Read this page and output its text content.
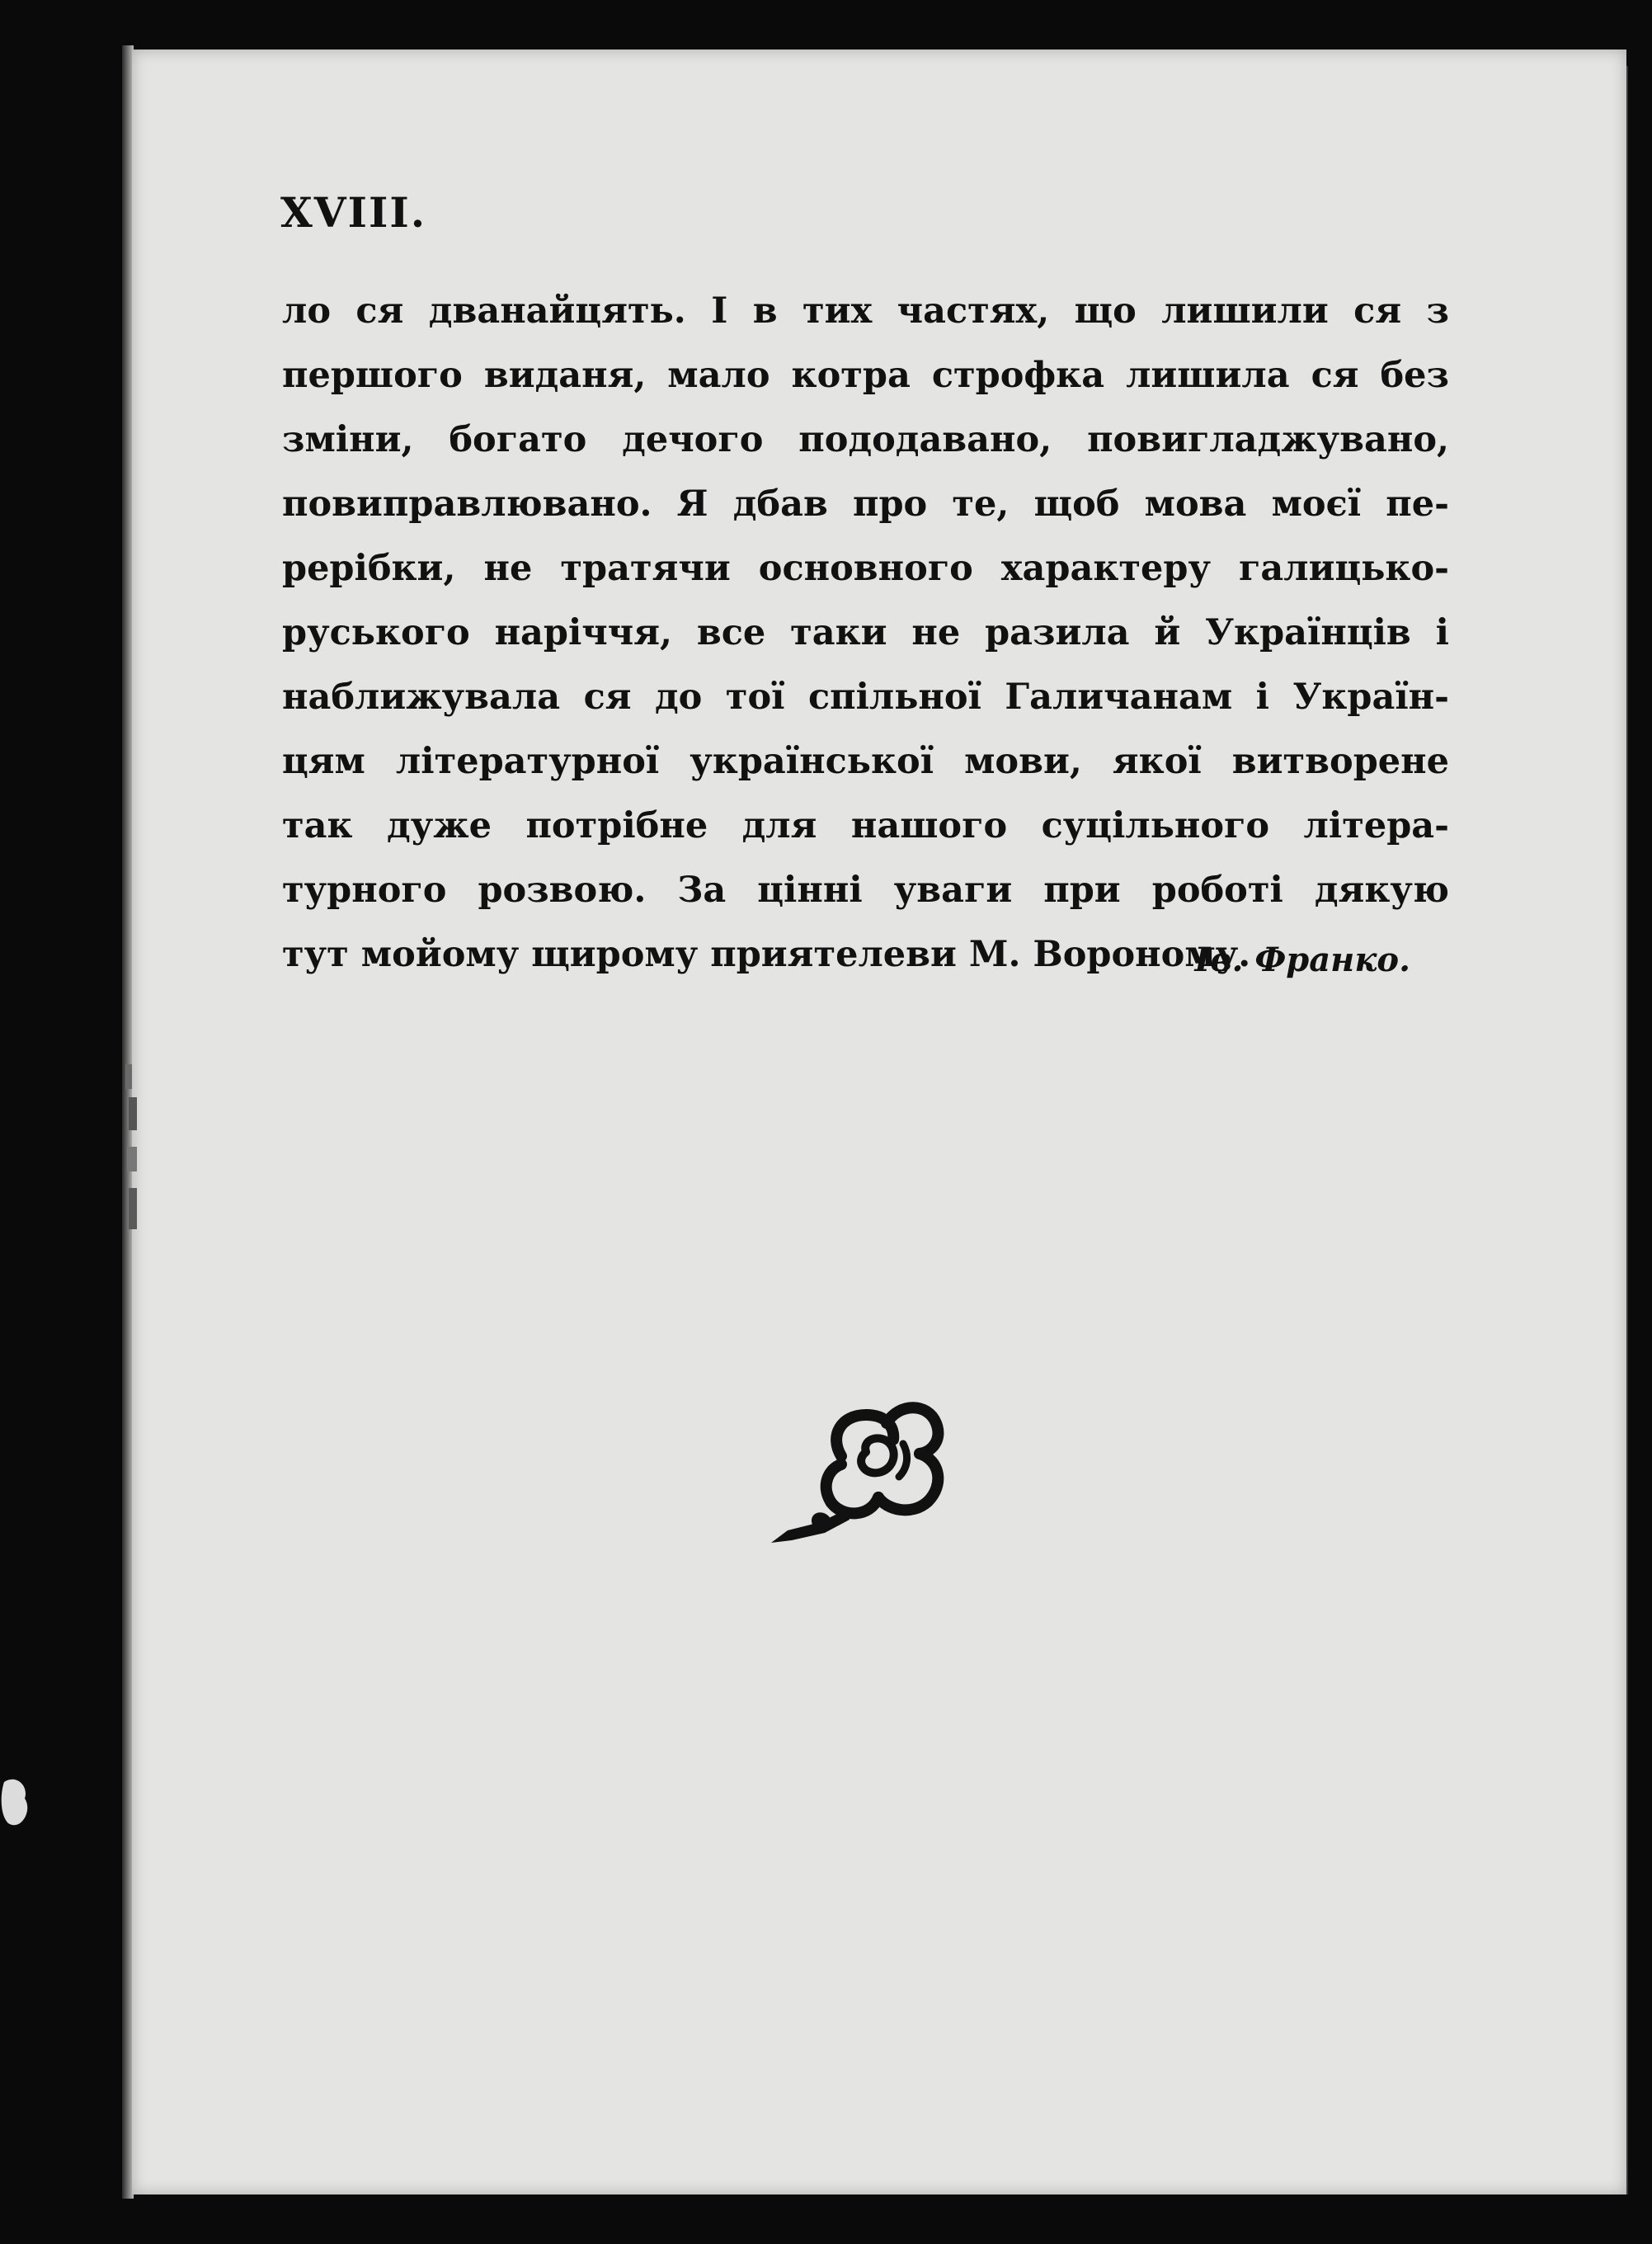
XVIII.
ло ся дванайцять. І в тих частях, що лишили ся з
першого виданя, мало котра строфка лишила ся без
зміни, богато дечого пододавано, повигладжувано,
повиправлювано. Я дбав про те, щоб мова моєї пе-
рерібки, не тратячи основного характеру галицько-
руського наріччя, все таки не разила й Українців і
наближувала ся до тої спільної Галичанам і Україн-
цям літературної української мови, якої витворене
так дуже потрібне для нашого суцільного літера-
турного розвою. За цінні уваги при роботі дякую
тут мойому щирому приятелеви М. Вороному.
Ів. Франко.
